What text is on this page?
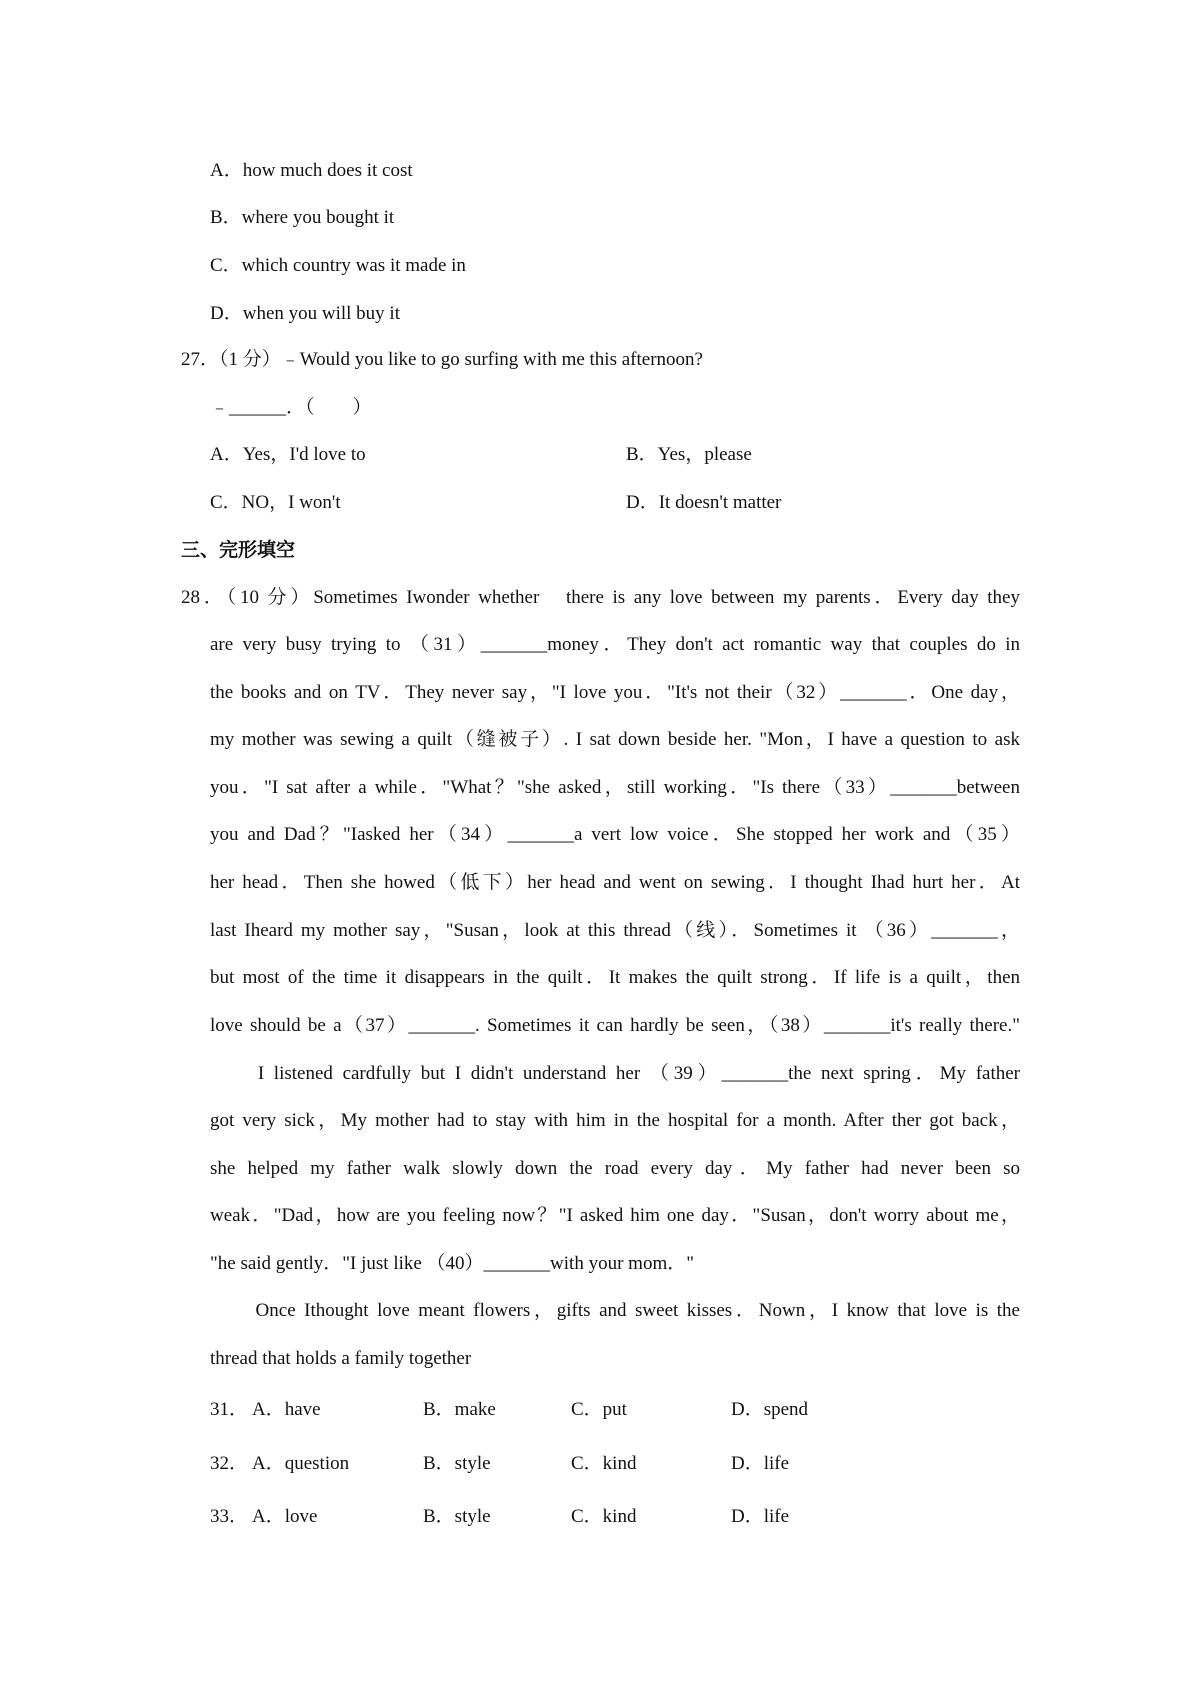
A．how much does it cost
B．where you bought it
C．which country was it made in
D．when you will buy it
27．（1 分）﹣Would you like to go surfing with me this afternoon?
﹣______．（　　）
A．Yes，I'd love to	B．Yes，please
C．NO，I won't	D．It doesn't matter
三、完形填空
28．（10 分）Sometimes Iwonder whether　there is any love between my parents．Every day they
are very busy trying to （31）_______money．They don't act romantic way that couples do in
the books and on TV．They never say，"I love you．"It's not their（32）_______．One day，
my mother was sewing a quilt（缝被子）. I sat down beside her. "Mon，I have a question to ask
you．"I sat after a while．"What？"she asked，still working．"Is there（33）_______between
you and Dad？"Iasked her（34）_______a vert low voice．She stopped her work and（35）
her head．Then she howed（低下）her head and went on sewing．I thought Ihad hurt her．At
last Iheard my mother say，"Susan，look at this thread（线）．Sometimes it （36）_______，
but most of the time it disappears in the quilt．It makes the quilt strong．If life is a quilt，then
love should be a（37）_______. Sometimes it can hardly be seen，（38）_______it's really there."
　　I listened cardfully but I didn't understand her （39）_______the next spring．My father
got very sick，My mother had to stay with him in the hospital for a month. After ther got back，
she helped my father walk slowly down the road every day．My father had never been so
weak．"Dad，how are you feeling now？"I asked him one day．"Susan，don't worry about me，
"he said gently．"I just like （40）_______with your mom．"
　　Once Ithought love meant flowers，gifts and sweet kisses．Nown，I know that love is the
thread that holds a family together
31． A．have	B．make	C．put	D．spend
32． A．question	B．style	C．kind	D．life
33． A．love	B．style	C．kind	D．life
